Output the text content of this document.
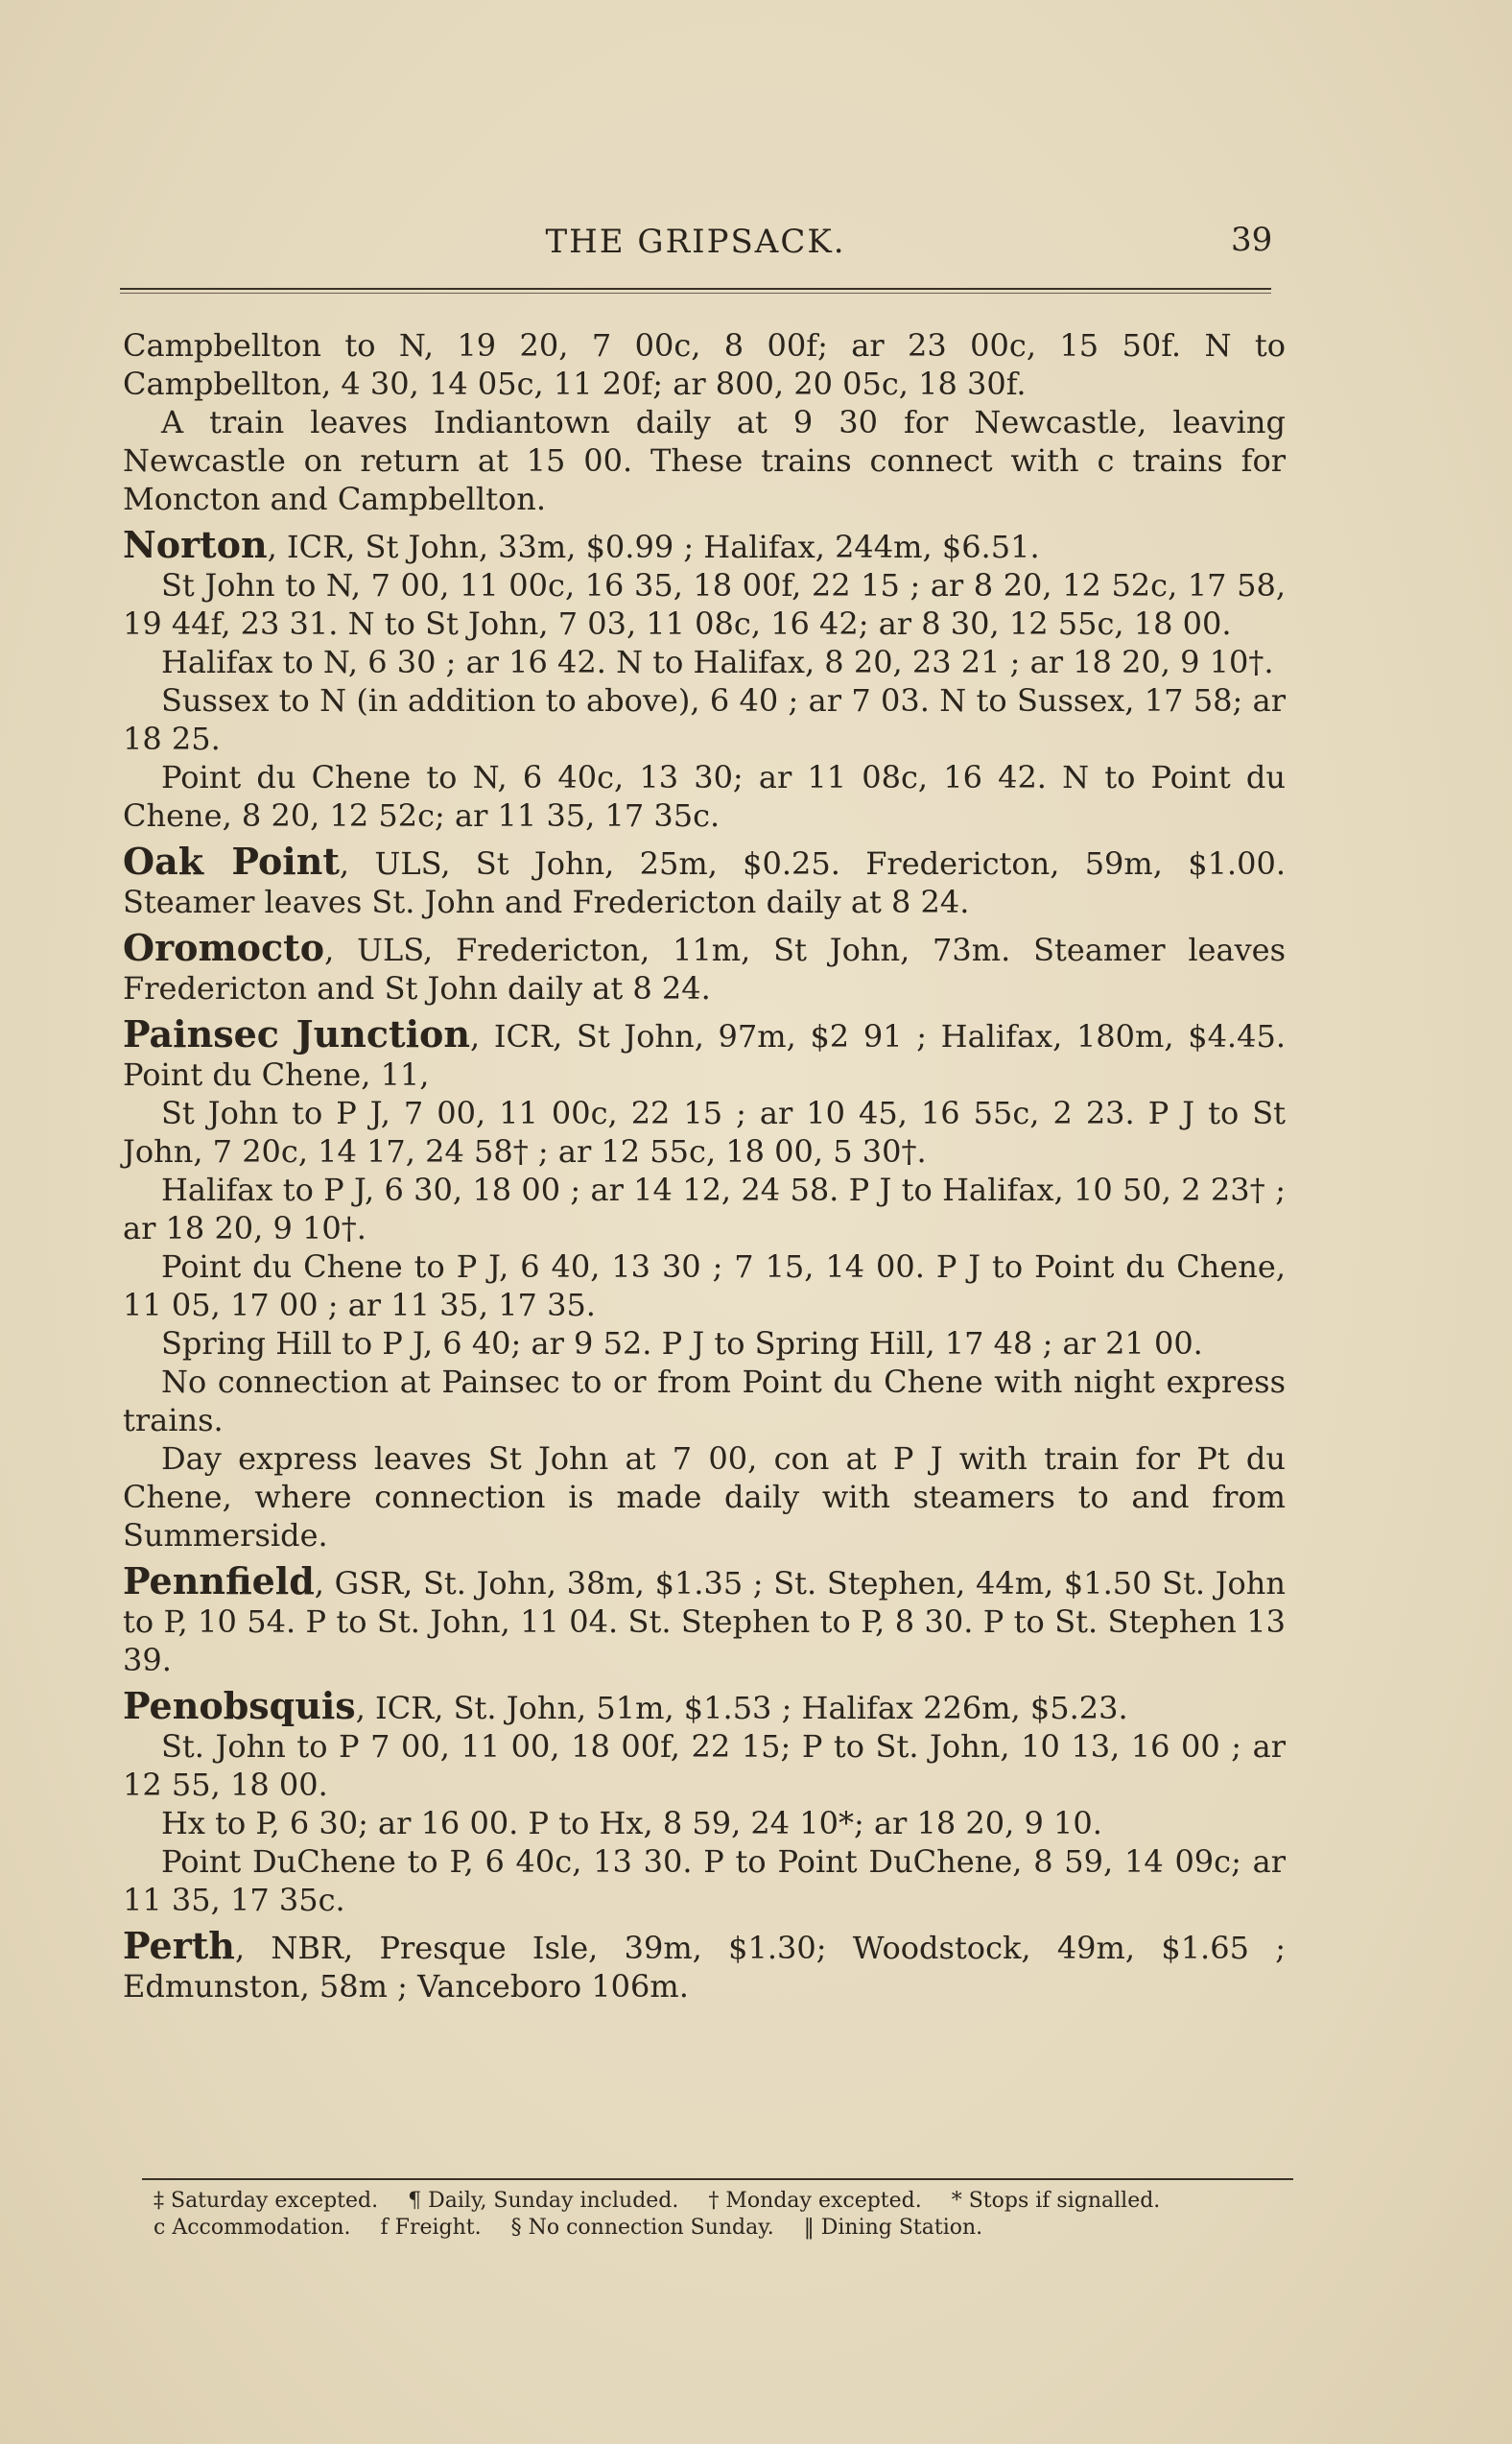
THE GRIPSACK.	39

Campbellton to N, 19 20, 7 00c, 8 00f; ar 23 00c, 15 50f. N to Campbellton, 4 30, 14 05c, 11 20f; ar 800, 20 05c, 18 30f.

A train leaves Indiantown daily at 9 30 for Newcastle, leaving Newcastle on return at 15 00. These trains connect with c trains for Moncton and Campbellton.

Norton, ICR, St John, 33m, $0.99 ; Halifax, 244m, $6.51.

St John to N, 7 00, 11 00c, 16 35, 18 00f, 22 15 ; ar 8 20, 12 52c, 17 58, 19 44f, 23 31. N to St John, 7 03, 11 08c, 16 42; ar 8 30, 12 55c, 18 00.

Halifax to N, 6 30 ; ar 16 42. N to Halifax, 8 20, 23 21 ; ar 18 20, 9 10†.

Sussex to N (in addition to above), 6 40 ; ar 7 03. N to Sussex, 17 58; ar 18 25.

Point du Chene to N, 6 40c, 13 30; ar 11 08c, 16 42. N to Point du Chene, 8 20, 12 52c; ar 11 35, 17 35c.

Oak Point, ULS, St John, 25m, $0.25. Fredericton, 59m, $1.00. Steamer leaves St. John and Fredericton daily at 8 24.

Oromocto, ULS, Fredericton, 11m, St John, 73m. Steamer leaves Fredericton and St John daily at 8 24.

Painsec Junction, ICR, St John, 97m, $2 91 ; Halifax, 180m, $4.45. Point du Chene, 11,

St John to P J, 7 00, 11 00c, 22 15 ; ar 10 45, 16 55c, 2 23. P J to St John, 7 20c, 14 17, 24 58† ; ar 12 55c, 18 00, 5 30†.

Halifax to P J, 6 30, 18 00 ; ar 14 12, 24 58. P J to Halifax, 10 50, 2 23† ; ar 18 20, 9 10†.

Point du Chene to P J, 6 40, 13 30 ; 7 15, 14 00. P J to Point du Chene, 11 05, 17 00 ; ar 11 35, 17 35.

Spring Hill to P J, 6 40; ar 9 52. P J to Spring Hill, 17 48 ; ar 21 00.

No connection at Painsec to or from Point du Chene with night express trains.

Day express leaves St John at 7 00, con at P J with train for Pt du Chene, where connection is made daily with steamers to and from Summerside.

Pennfield, GSR, St. John, 38m, $1.35 ; St. Stephen, 44m, $1.50 St. John to P, 10 54. P to St. John, 11 04. St. Stephen to P, 8 30. P to St. Stephen 13 39.

Penobsquis, ICR, St. John, 51m, $1.53 ; Halifax 226m, $5.23.

St. John to P 7 00, 11 00, 18 00f, 22 15; P to St. John, 10 13, 16 00 ; ar 12 55, 18 00.

Hx to P, 6 30; ar 16 00. P to Hx, 8 59, 24 10*; ar 18 20, 9 10.

Point DuChene to P, 6 40c, 13 30. P to Point DuChene, 8 59, 14 09c; ar 11 35, 17 35c.

Perth, NBR, Presque Isle, 39m, $1.30; Woodstock, 49m, $1.65 ; Edmunston, 58m ; Vanceboro 106m.

‡ Saturday excepted. ¶ Daily, Sunday included. † Monday excepted. * Stops if signalled.
c Accommodation. f Freight. § No connection Sunday. ‖ Dining Station.
